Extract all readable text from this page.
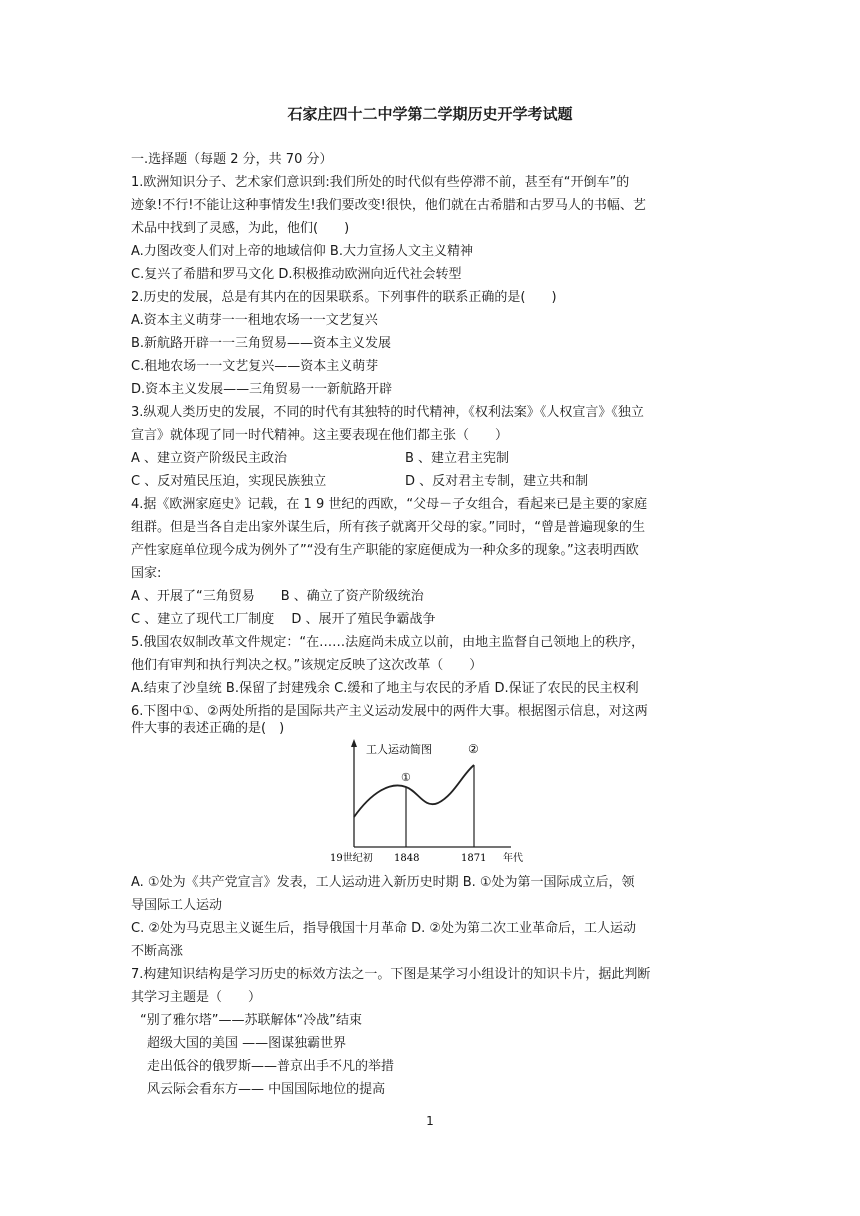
石家庄四十二中学第二学期历史开学考试题
一.选择题（每题 2 分，共 70 分）
1.欧洲知识分子、艺术家们意识到:我们所处的时代似有些停滞不前，甚至有“开倒车”的
迹象!不行!不能让这种事情发生!我们要改变!很快，他们就在古希腊和古罗马人的书幅、艺
术品中找到了灵感，为此，他们(　　)
A.力图改变人们对上帝的地域信仰 B.大力宣扬人文主义精神
C.复兴了希腊和罗马文化 D.积极推动欧洲向近代社会转型
2.历史的发展，总是有其内在的因果联系。下列事件的联系正确的是(　　)
A.资本主义萌芽一一租地农场一一文艺复兴
B.新航路开辟一一三角贸易——资本主义发展
C.租地农场一一文艺复兴——资本主义萌芽
D.资本主义发展——三角贸易一一新航路开辟
3.纵观人类历史的发展，不同的时代有其独特的时代精神，《权利法案》《人权宣言》《独立
宣言》就体现了同一时代精神。这主要表现在他们都主张（　　）
A 、建立资产阶级民主政治	B 、建立君主宪制
C 、反对殖民压迫，实现民族独立	D 、反对君主专制，建立共和制
4.据《欧洲家庭史》记载，在 1 9 世纪的西欧，“父母－子女组合，看起来已是主要的家庭
组群。但是当各自走出家外谋生后，所有孩子就离开父母的家。”同时，“曾是普遍现象的生
产性家庭单位现今成为例外了”“没有生产职能的家庭便成为一种众多的现象。”这表明西欧
国家:
A 、开展了“三角贸易　　B 、确立了资产阶级统治
C 、建立了现代工厂制度　 D 、展开了殖民争霸战争
5.俄国农奴制改革文件规定：“在……法庭尚未成立以前，由地主监督自己领地上的秩序，
他们有审判和执行判决之权。”该规定反映了这次改革（　　）
A.结束了沙皇统 B.保留了封建残余 C.缓和了地主与农民的矛盾 D.保证了农民的民主权利
6.下图中①、②两处所指的是国际共产主义运动发展中的两件大事。根据图示信息，对这两
件大事的表述正确的是(　)
工人运动简图
①
②
19世纪初 1848	1871 年代
A. ①处为《共产党宣言》发表，工人运动进入新历史时期 B. ①处为第一国际成立后，领
导国际工人运动
C. ②处为马克思主义诞生后，指导俄国十月革命 D. ②处为第二次工业革命后，工人运动
不断高涨
7.构建知识结构是学习历史的标效方法之一。下图是某学习小组设计的知识卡片，据此判断
其学习主题是（　　）
“别了雅尔塔”——苏联解体“冷战”结束
超级大国的美国 ——图谋独霸世界
走出低谷的俄罗斯——普京出手不凡的举措
风云际会看东方—— 中国国际地位的提高
1
